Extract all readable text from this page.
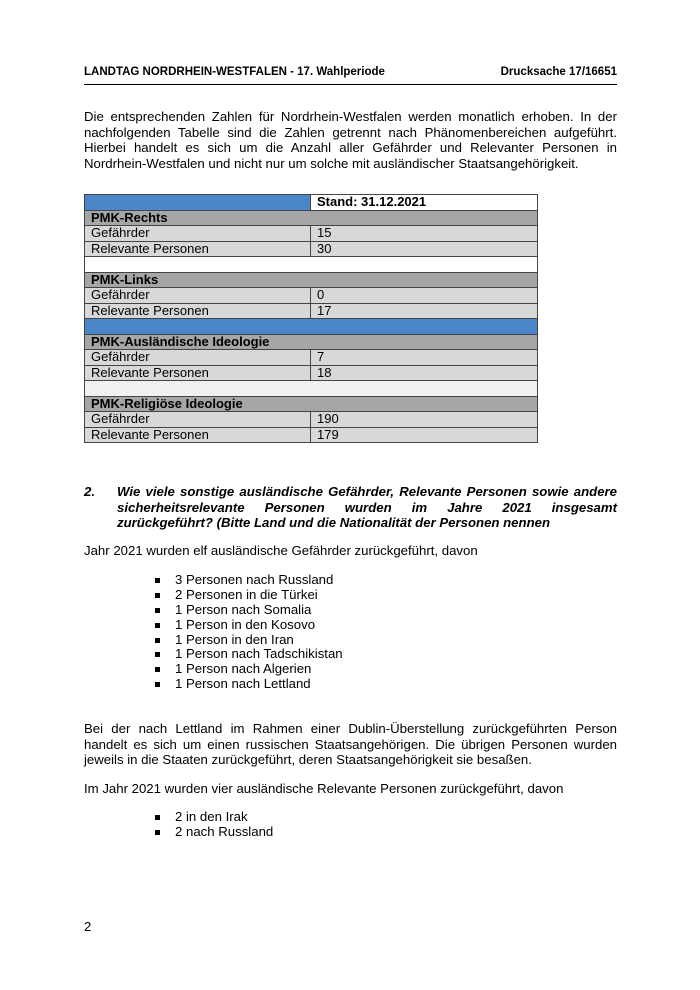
LANDTAG NORDRHEIN-WESTFALEN - 17. Wahlperiode	Drucksache 17/16651
Die entsprechenden Zahlen für Nordrhein-Westfalen werden monatlich erhoben. In der nachfolgenden Tabelle sind die Zahlen getrennt nach Phänomenbereichen aufgeführt. Hierbei handelt es sich um die Anzahl aller Gefährder und Relevanter Personen in Nordrhein-Westfalen und nicht nur um solche mit ausländischer Staatsangehörigkeit.
	Stand: 31.12.2021
PMK-Rechts	
Gefährder	15
Relevante Personen	30

PMK-Links	
Gefährder	0
Relevante Personen	17

PMK-Ausländische Ideologie	
Gefährder	7
Relevante Personen	18

PMK-Religiöse Ideologie	
Gefährder	190
Relevante Personen	179
2. Wie viele sonstige ausländische Gefährder, Relevante Personen sowie andere sicherheitsrelevante Personen wurden im Jahre 2021 insgesamt zurückgeführt? (Bitte Land und die Nationalität der Personen nennen
Jahr 2021 wurden elf ausländische Gefährder zurückgeführt, davon
3 Personen nach Russland
2 Personen in die Türkei
1 Person nach Somalia
1 Person in den Kosovo
1 Person in den Iran
1 Person nach Tadschikistan
1 Person nach Algerien
1 Person nach Lettland
Bei der nach Lettland im Rahmen einer Dublin-Überstellung zurückgeführten Person handelt es sich um einen russischen Staatsangehörigen. Die übrigen Personen wurden jeweils in die Staaten zurückgeführt, deren Staatsangehörigkeit sie besaßen.
Im Jahr 2021 wurden vier ausländische Relevante Personen zurückgeführt, davon
2 in den Irak
2 nach Russland
2
